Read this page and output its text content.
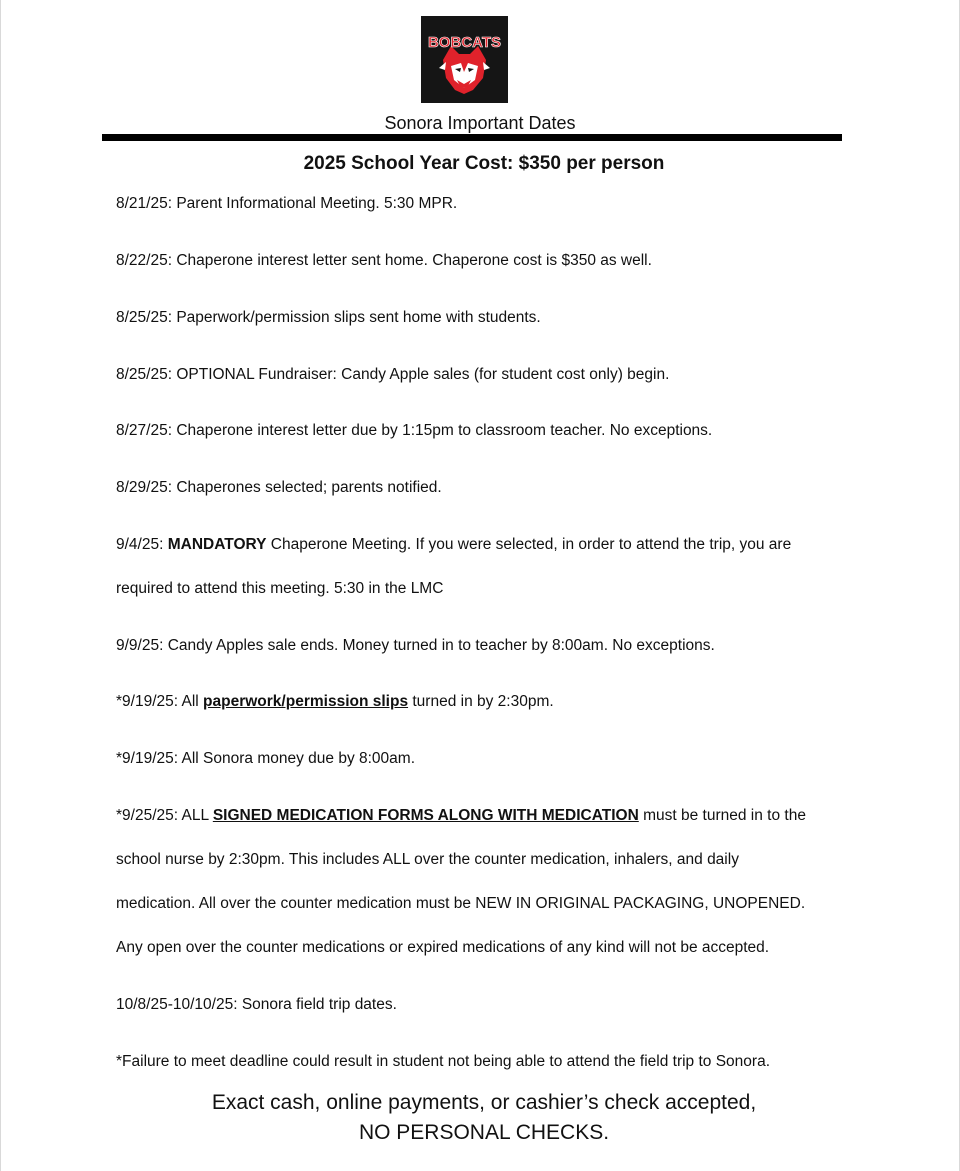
BOBCATS
Sonora Important Dates
2025 School Year Cost: $350 per person
8/21/25: Parent Informational Meeting. 5:30 MPR.
8/22/25: Chaperone interest letter sent home. Chaperone cost is $350 as well.
8/25/25: Paperwork/permission slips sent home with students.
8/25/25: OPTIONAL Fundraiser: Candy Apple sales (for student cost only) begin.
8/27/25: Chaperone interest letter due by 1:15pm to classroom teacher. No exceptions.
8/29/25: Chaperones selected; parents notified.
9/4/25: MANDATORY Chaperone Meeting. If you were selected, in order to attend the trip, you are
required to attend this meeting. 5:30 in the LMC
9/9/25: Candy Apples sale ends. Money turned in to teacher by 8:00am. No exceptions.
*9/19/25: All paperwork/permission slips turned in by 2:30pm.
*9/19/25: All Sonora money due by 8:00am.
*9/25/25: ALL SIGNED MEDICATION FORMS ALONG WITH MEDICATION must be turned in to the
school nurse by 2:30pm. This includes ALL over the counter medication, inhalers, and daily
medication. All over the counter medication must be NEW IN ORIGINAL PACKAGING, UNOPENED.
Any open over the counter medications or expired medications of any kind will not be accepted.
10/8/25-10/10/25: Sonora field trip dates.
*Failure to meet deadline could result in student not being able to attend the field trip to Sonora.
Exact cash, online payments, or cashier’s check accepted,
NO PERSONAL CHECKS.
